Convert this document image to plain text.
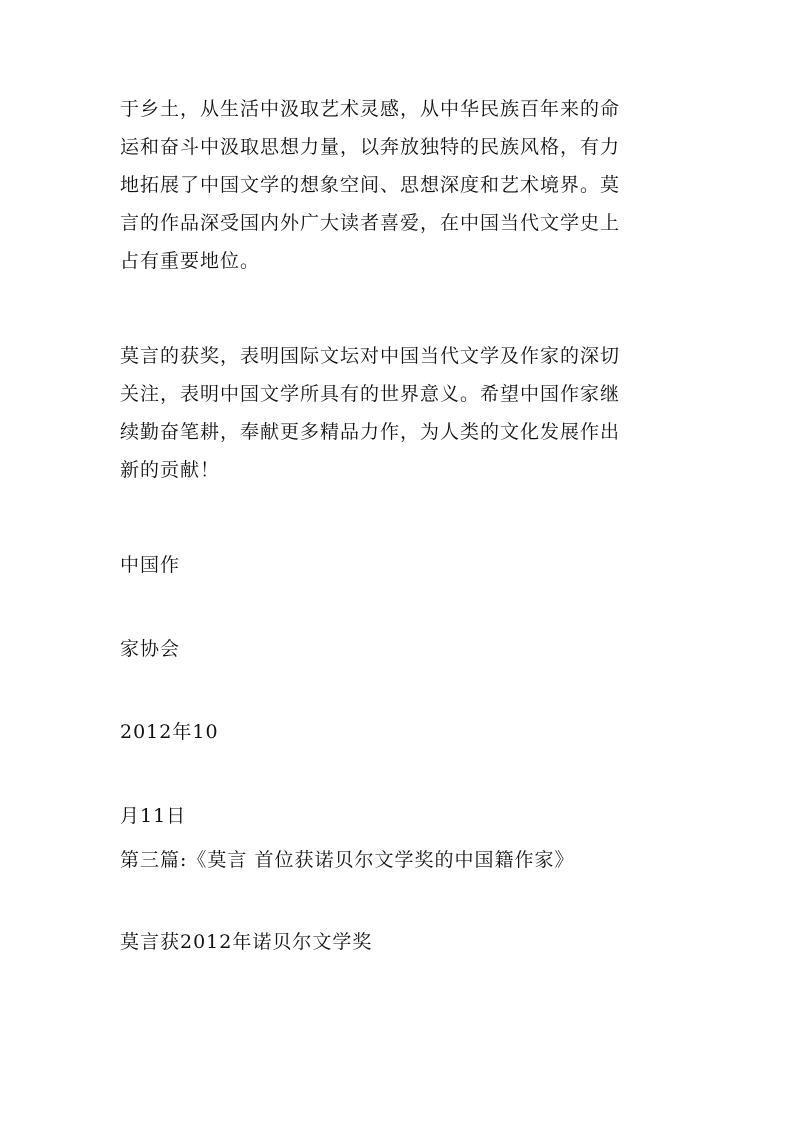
于乡土，从生活中汲取艺术灵感，从中华民族百年来的命
运和奋斗中汲取思想力量，以奔放独特的民族风格，有力
地拓展了中国文学的想象空间、思想深度和艺术境界。莫
言的作品深受国内外广大读者喜爱，在中国当代文学史上
占有重要地位。

莫言的获奖，表明国际文坛对中国当代文学及作家的深切
关注，表明中国文学所具有的世界意义。希望中国作家继
续勤奋笔耕，奉献更多精品力作，为人类的文化发展作出
新的贡献！

中国作

家协会

2012年10

月11日

第三篇:《莫言 首位获诺贝尔文学奖的中国籍作家》

莫言获2012年诺贝尔文学奖
